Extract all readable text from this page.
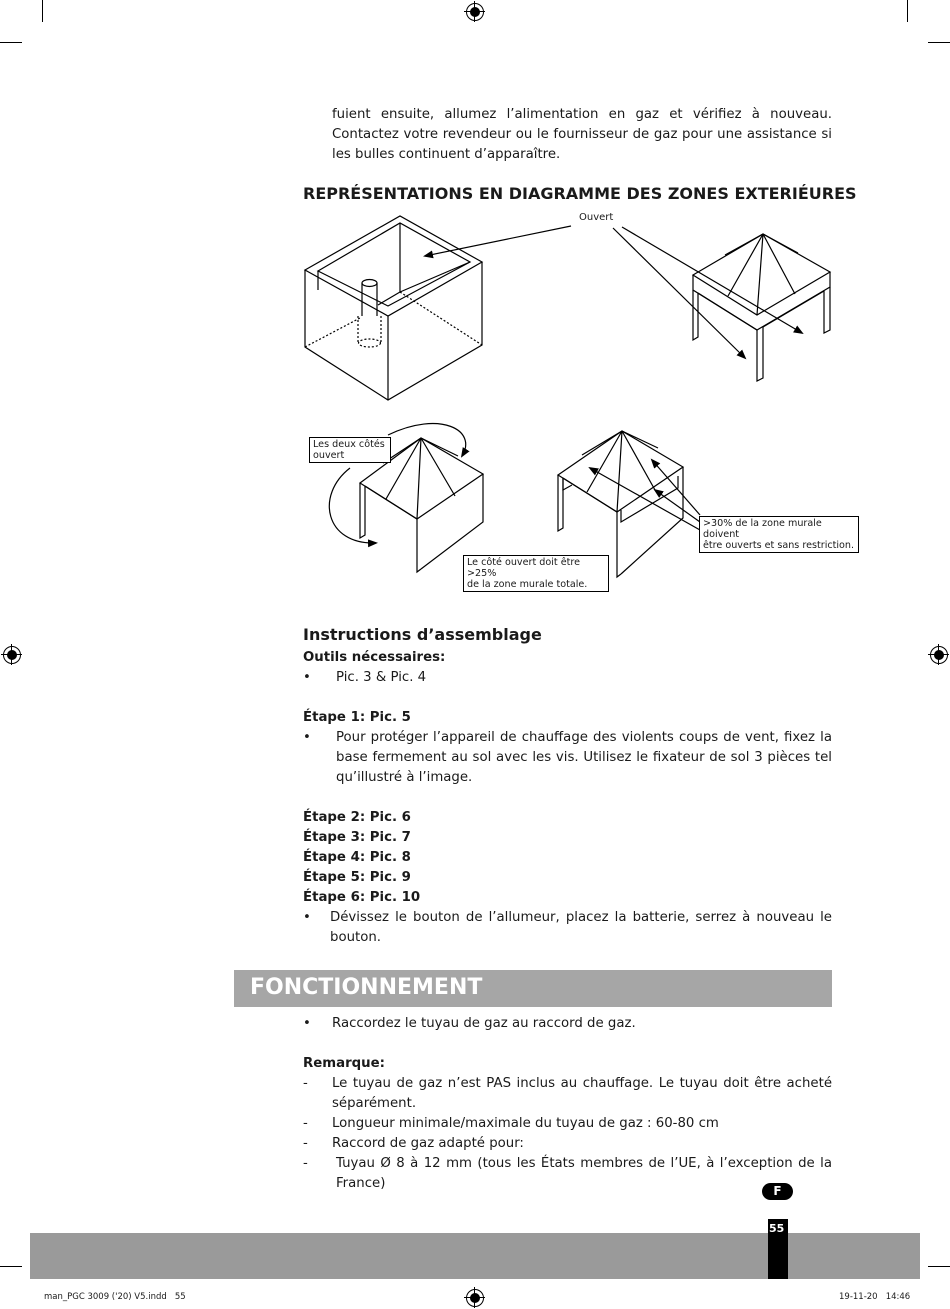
fuient ensuite, allumez l’alimentation en gaz et vérifiez à nouveau. Contactez votre revendeur ou le fournisseur de gaz pour une assistance si les bulles continuent d’apparaître.
REPRÉSENTATIONS EN DIAGRAMME DES ZONES EXTERIÉURES
Ouvert
Les deux côtés
ouvert
Le côté ouvert doit être >25%
de la zone murale totale.
>30% de la zone murale doivent
être ouverts et sans restriction.
Instructions d’assemblage
Outils nécessaires:
• Pic. 3 & Pic. 4
Étape 1: Pic. 5
• Pour protéger l’appareil de chauffage des violents coups de vent, fixez la base fermement au sol avec les vis. Utilisez le fixateur de sol 3 pièces tel qu’illustré à l’image.
Étape 2: Pic. 6
Étape 3: Pic. 7
Étape 4: Pic. 8
Étape 5: Pic. 9
Étape 6: Pic. 10
• Dévissez le bouton de l’allumeur, placez la batterie, serrez à nouveau le bouton.
FONCTIONNEMENT
• Raccordez le tuyau de gaz au raccord de gaz.
Remarque:
- Le tuyau de gaz n’est PAS inclus au chauffage. Le tuyau doit être acheté séparément.
- Longueur minimale/maximale du tuyau de gaz : 60-80 cm
- Raccord de gaz adapté pour:
- Tuyau Ø 8 à 12 mm (tous les États membres de l’UE, à l’exception de la France)	F
55
man_PGC 3009 ('20) V5.indd   55	19-11-20   14:46
